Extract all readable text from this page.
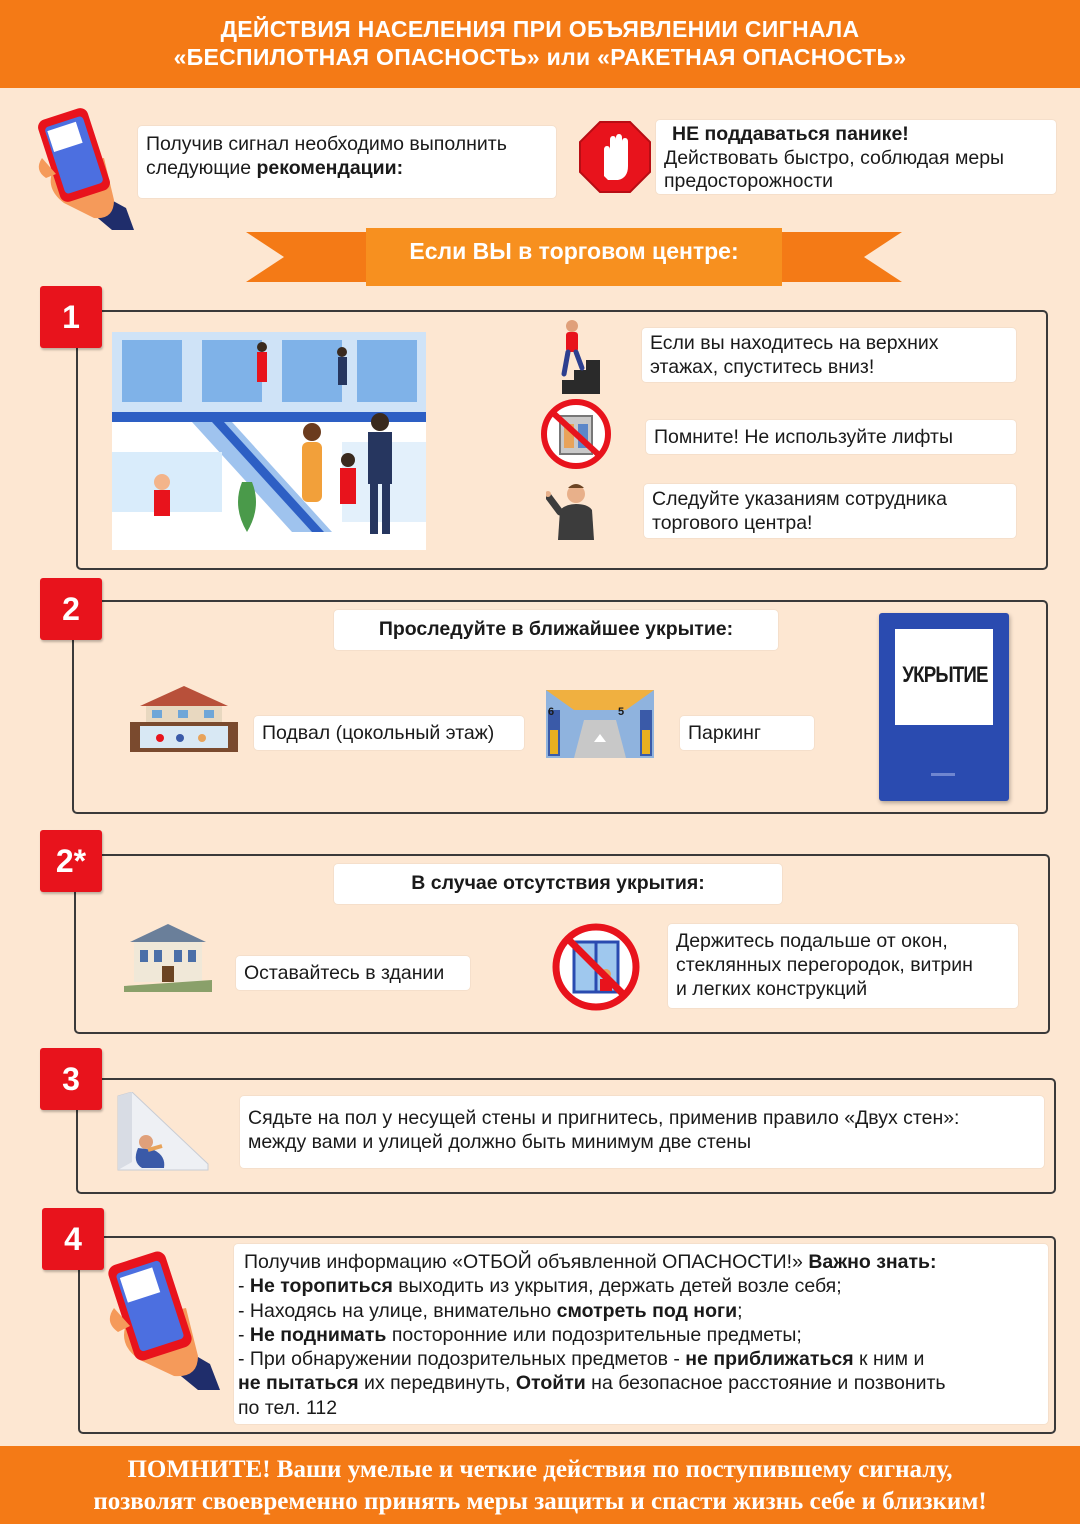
ДЕЙСТВИЯ НАСЕЛЕНИЯ ПРИ ОБЪЯВЛЕНИИ СИГНАЛА
«БЕСПИЛОТНАЯ ОПАСНОСТЬ» или «РАКЕТНАЯ ОПАСНОСТЬ»
Получив сигнал необходимо выполнить
следующие рекомендации:
НЕ поддаваться панике!
Действовать быстро, соблюдая меры
предосторожности
Если ВЫ в торговом центре:
1
Если вы находитесь на верхних
этажах, спуститесь вниз!
Помните! Не используйте лифты
Следуйте указаниям сотрудника
торгового центра!
2
Проследуйте в ближайшее укрытие:
Подвал (цокольный этаж)
6	5
Паркинг
УКРЫТИЕ
2*
В случае отсутствия укрытия:
Оставайтесь в здании
Держитесь подальше от окон,
стеклянных перегородок, витрин
и легких конструкций
3
Сядьте на пол у несущей стены и пригнитесь, применив правило «Двух стен»:
между вами и улицей должно быть минимум две стены
4
Получив информацию «ОТБОЙ объявленной ОПАСНОСТИ!» Важно знать:
- Не торопиться выходить из укрытия, держать детей возле себя;
- Находясь на улице, внимательно смотреть под ноги;
- Не поднимать посторонние или подозрительные предметы;
- При обнаружении подозрительных предметов - не приближаться к ним и
не пытаться их передвинуть, Отойти на безопасное расстояние и позвонить
по тел. 112
ПОМНИТЕ! Ваши умелые и четкие действия по поступившему сигналу,
позволят своевременно принять меры защиты и спасти жизнь себе и близким!
